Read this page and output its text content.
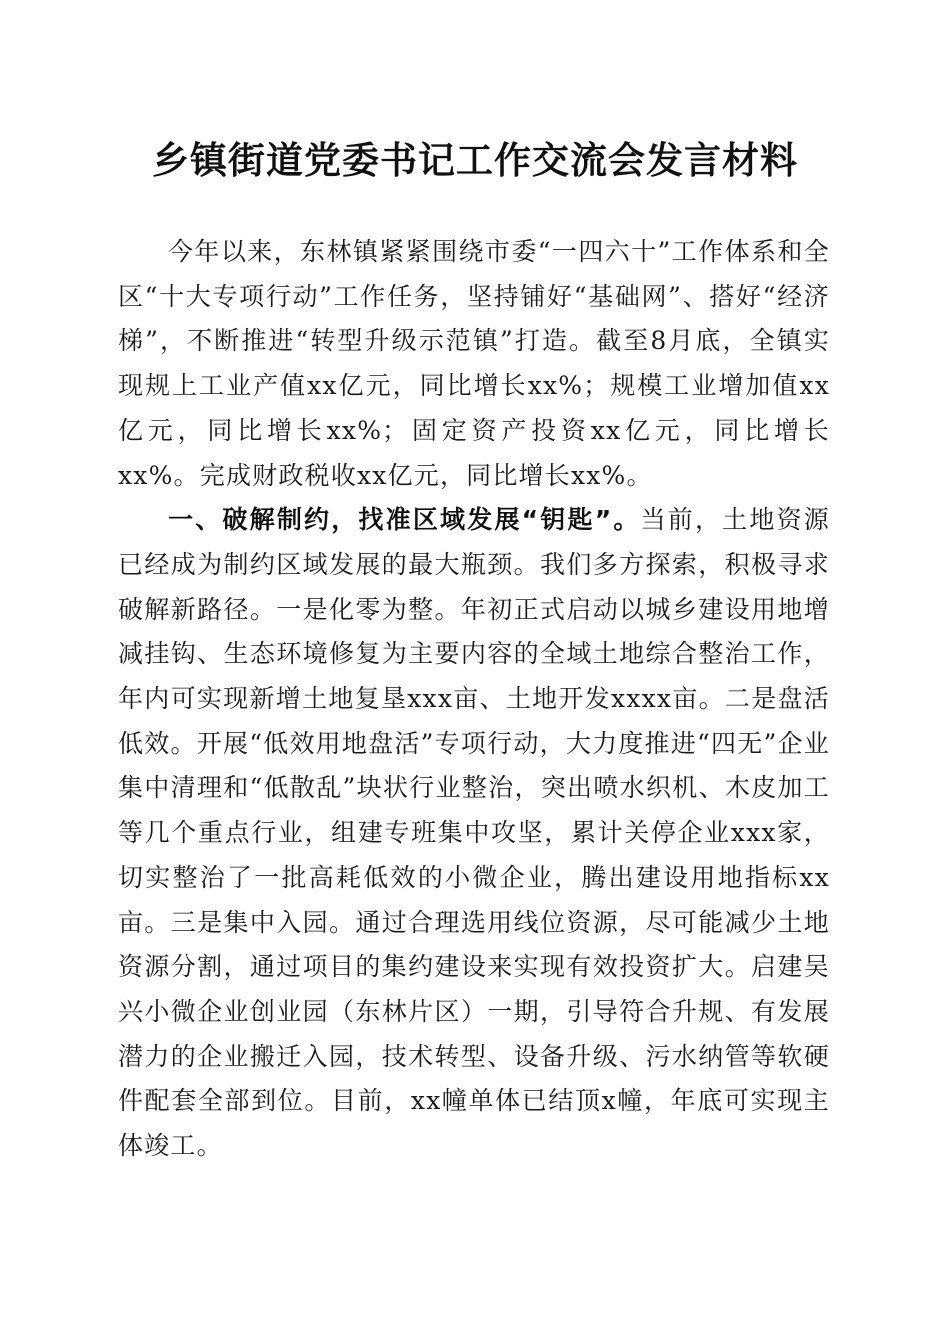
乡镇街道党委书记工作交流会发言材料

今年以来，东林镇紧紧围绕市委“一四六十”工作体系和全区“十大专项行动”工作任务，坚持铺好“基础网”、搭好“经济梯”，不断推进“转型升级示范镇”打造。截至8月底，全镇实现规上工业产值xx亿元，同比增长xx%；规模工业增加值xx亿元，同比增长xx%；固定资产投资xx亿元，同比增长xx%。完成财政税收xx亿元，同比增长xx%。

一、破解制约，找准区域发展“钥匙”。当前，土地资源已经成为制约区域发展的最大瓶颈。我们多方探索，积极寻求破解新路径。一是化零为整。年初正式启动以城乡建设用地增减挂钩、生态环境修复为主要内容的全域土地综合整治工作，年内可实现新增土地复垦xxx亩、土地开发xxxx亩。二是盘活低效。开展“低效用地盘活”专项行动，大力度推进“四无”企业集中清理和“低散乱”块状行业整治，突出喷水织机、木皮加工等几个重点行业，组建专班集中攻坚，累计关停企业xxx家，切实整治了一批高耗低效的小微企业，腾出建设用地指标xx亩。三是集中入园。通过合理选用线位资源，尽可能减少土地资源分割，通过项目的集约建设来实现有效投资扩大。启建吴兴小微企业创业园（东林片区）一期，引导符合升规、有发展潜力的企业搬迁入园，技术转型、设备升级、污水纳管等软硬件配套全部到位。目前，xx幢单体已结顶x幢，年底可实现主体竣工。
